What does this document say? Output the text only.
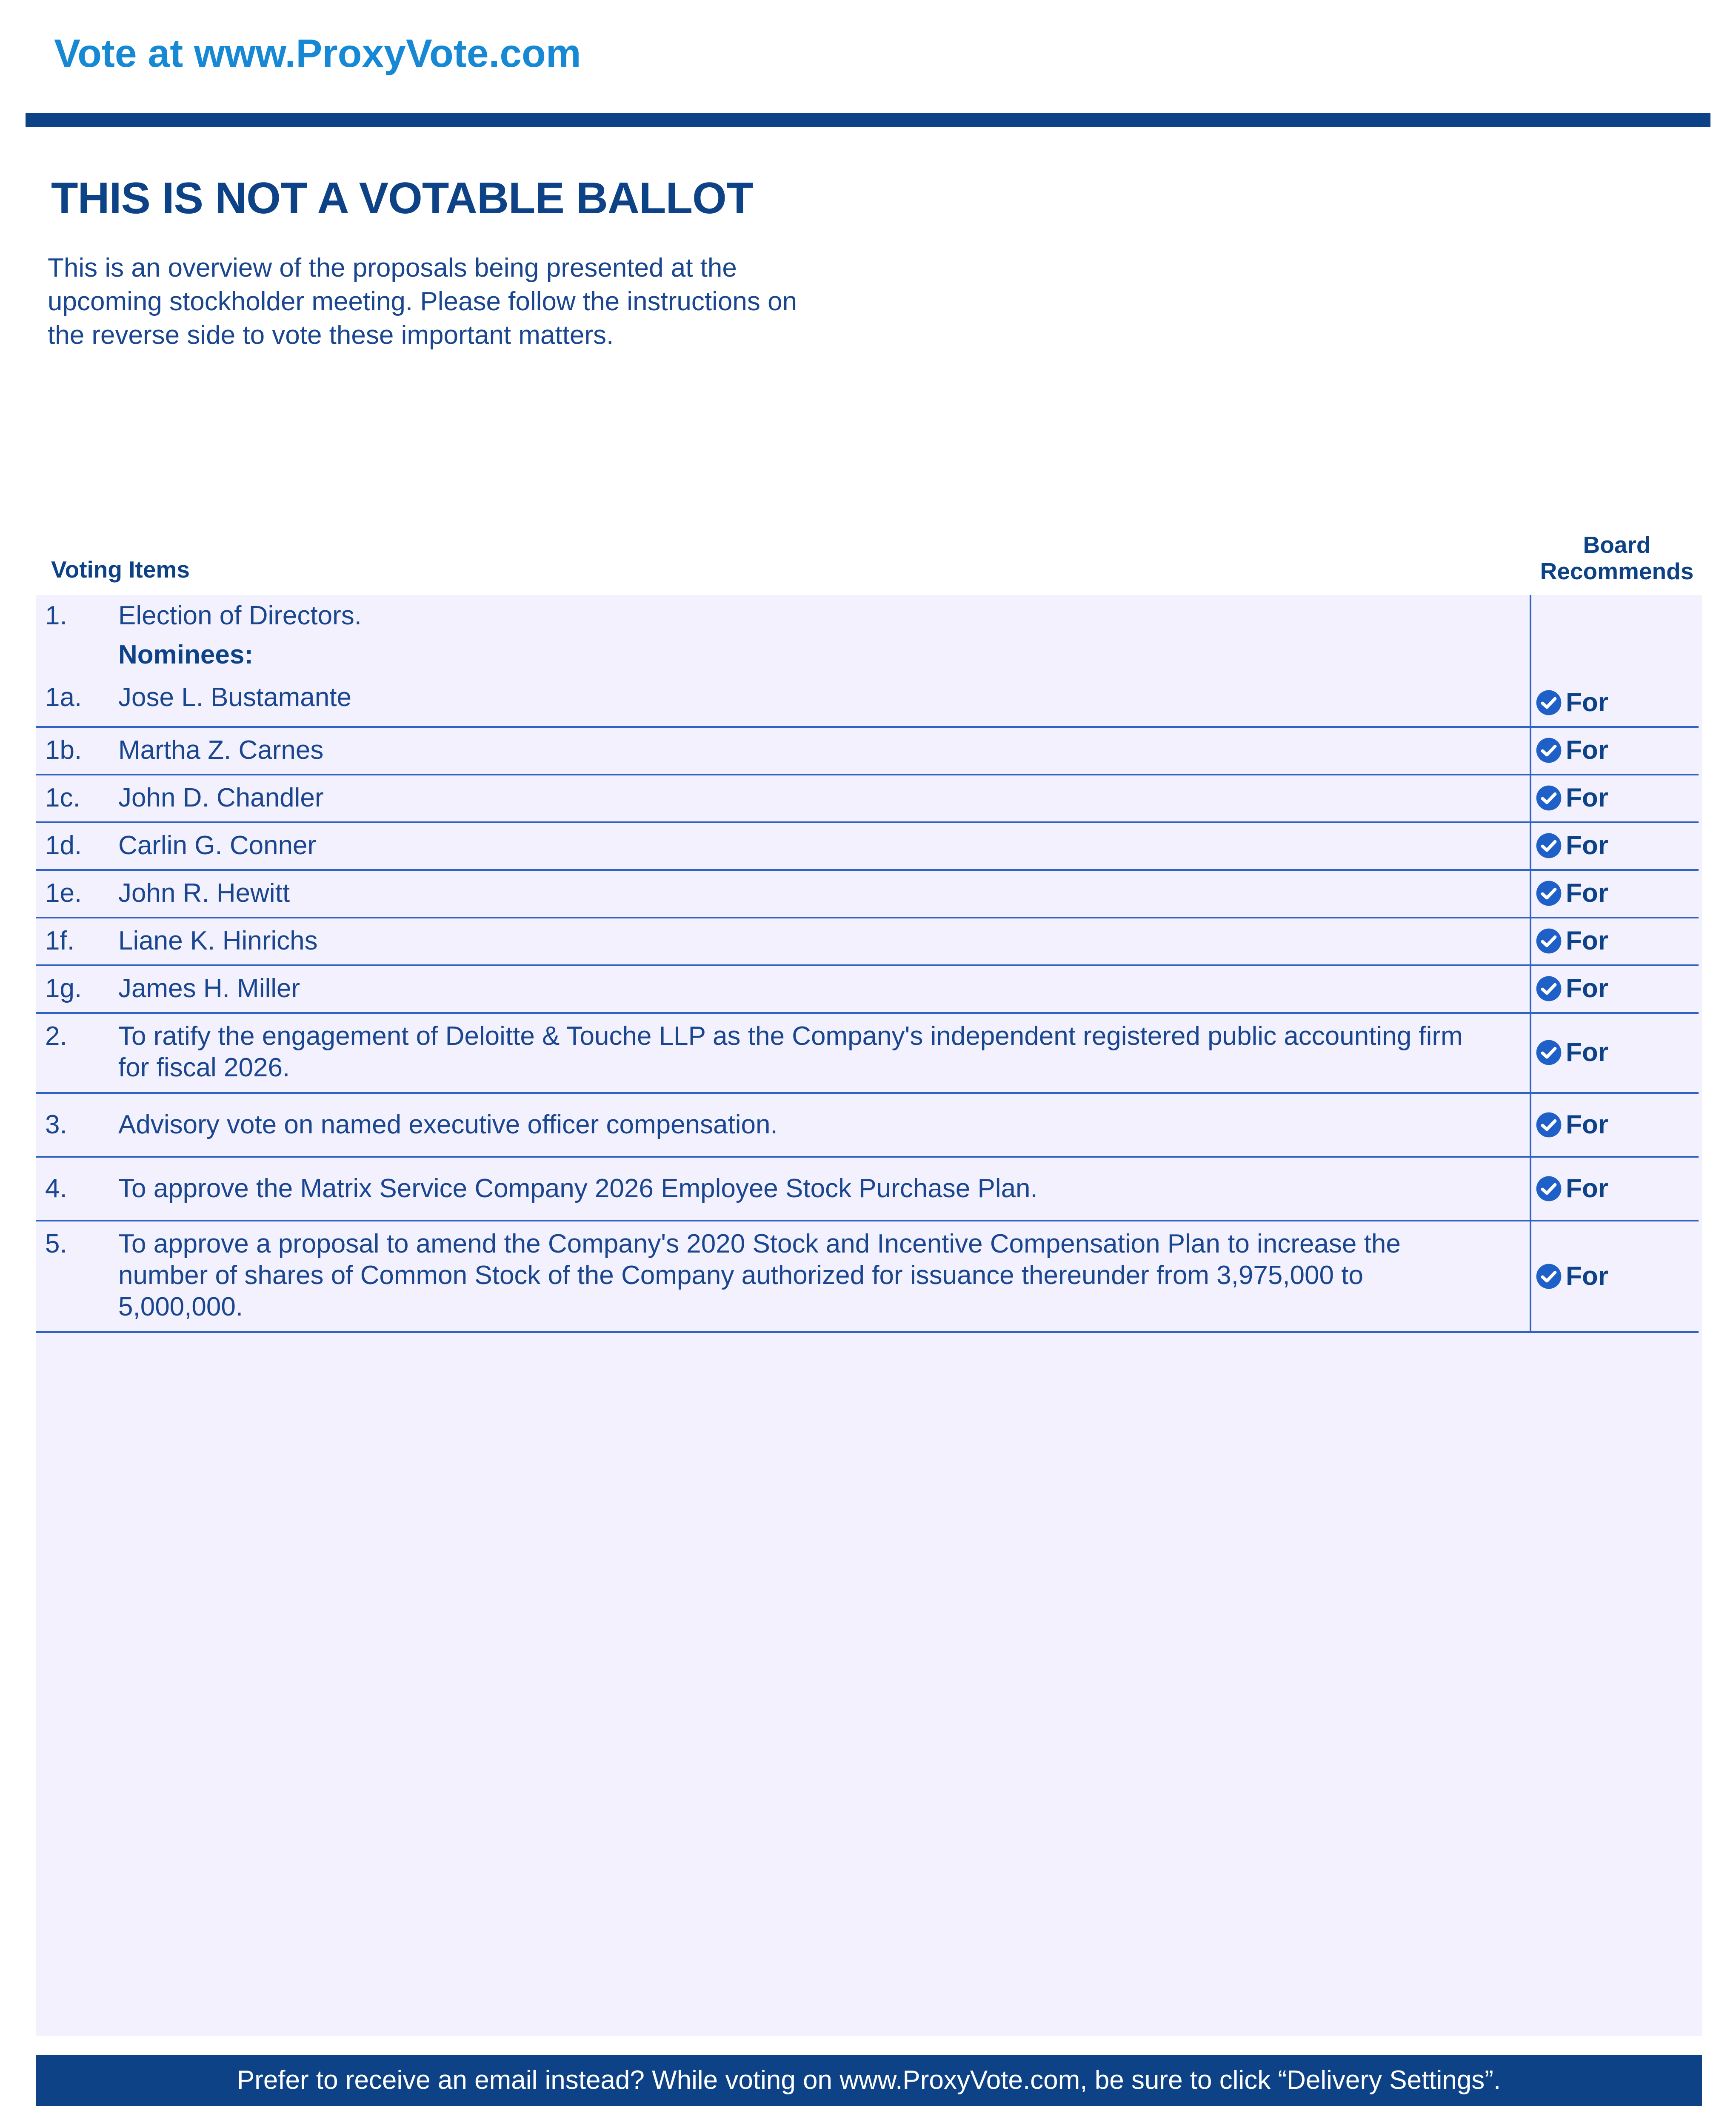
Vote at www.ProxyVote.com
THIS IS NOT A VOTABLE BALLOT
This is an overview of the proposals being presented at the
upcoming stockholder meeting. Please follow the instructions on
the reverse side to vote these important matters.
Voting Items
Board
Recommends
1. Election of Directors.
Nominees:
1a. Jose L. Bustamante	For
1b. Martha Z. Carnes	For
1c. John D. Chandler	For
1d. Carlin G. Conner	For
1e. John R. Hewitt	For
1f. Liane K. Hinrichs	For
1g. James H. Miller	For
2. To ratify the engagement of Deloitte & Touche LLP as the Company's independent registered public accounting firm
for fiscal 2026.
For
3. Advisory vote on named executive officer compensation.	For
4. To approve the Matrix Service Company 2026 Employee Stock Purchase Plan.	For
5. To approve a proposal to amend the Company's 2020 Stock and Incentive Compensation Plan to increase the
number of shares of Common Stock of the Company authorized for issuance thereunder from 3,975,000 to
5,000,000.
For
Prefer to receive an email instead? While voting on www.ProxyVote.com, be sure to click “Delivery Settings”.
